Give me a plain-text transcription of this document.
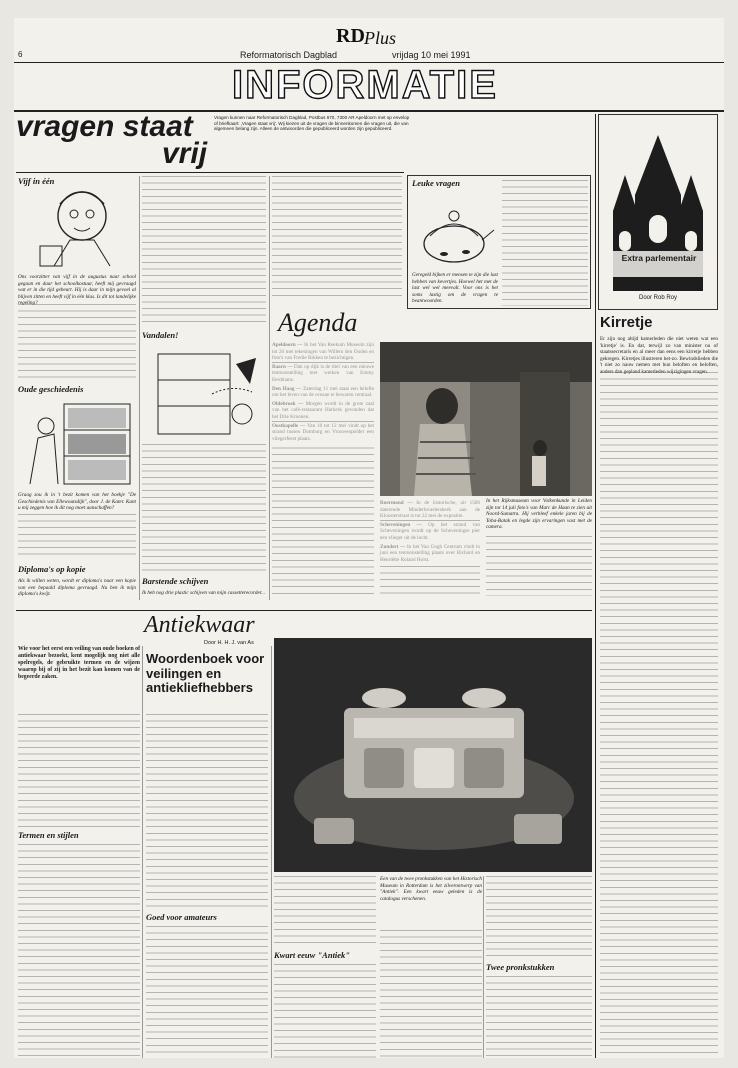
6
RD Plus
Reformatorisch Dagblad	vrijdag 10 mei 1991
INFORMATIE
vragen staat
vrij
Vragen kunnen naar Reformatorisch Dagblad, Postbus 670, 7300 AR Apeldoorn met op envelop of briefkaart: ‚Vragen staat vrij'. Wij kiezen uit de vragen de binnenkomen die vragen uit, die van algemeen belang zijn. Alleen de antwoorden die gepubliceerd worden zijn gepubliceerd.
Vijf in één
Ons voorzitter van vijf in de augustus naar school gegaan en daar het schoolkostuur, heeft mij gevraagd wat er in die tijd gebeurt. Hij is daar in mijn gevoel al blijven zitten en heeft vijf in één klas. Is dit tot landelijke regeling?
Oude geschiedenis
Graag zou ik in 't bezit komen van het boekje "De Geschiedenis van Ellewoutsdijk", door J. de Kater. Kunt u mij zeggen hoe ik dit nog moet aanschaffen?
Diploma's op kopie
Als ik willen weten, wordt er diploma's naar een kopie van een bepaald diploma gevraagd. Nu ben ik mijn diploma's kwijt.
Vandalen!
Barstende schijven
Ik heb nog drie plastic schijven van mijn cassetterecorder...
Leuke vragen
Geregeld bijken er mensen te zijn die last hebben van kevertjes. Hoewel het met de last wel wel meevalt. Voor ons is het soms lastig om de vragen te beantwoorden.
Agenda

Apeldoorn — In het Van Reekum Museum zijn tot 26 mei tekeningen van Willem den Ouden en foto's van Fredie Rikken te bezichtigen.

Baarn — Dak op dijk is de titel van een nieuwe tentoonstelling met werken van Emmy Eerdmans.

Den Haag — Zaterdag 11 mei staat een belofte om het leven van de oceaan te bewaren centraal.

Oldebroek — Morgen wordt in de grote zaal van het café-restaurant Harkerk gevonden dat het Drie Kroonen.

Oostkapelle — Van 10 tot 12 mei vindt op het strand tussen Domburg en Vrouwenpolder een vliegerfeest plaats.

In het Rijksmuseum voor Volkenkunde in Leiden zijn tot 14 juli foto's van Marc de Haan te zien uit Noord-Sumatra. Hij verbleef enkele jaren bij de Toba-Batak en legde zijn ervaringen vast met de camera.

Roermond — In de historische, uit 1500 daterende Minderbroederskerk aan de Kloosterstraat is tot 22 mei de expositie.

Scheveningen — Op het strand van Scheveningen wordt op de Scheveningse pier een vlieger uit de lucht.

Zundert — In het Van Gogh Centrum vindt in juni een tentoonstelling plaats over Richard en Henriëtte Roland Holst.

Extra parlementair
Door Rob Roy
Kirretje
Er zijn nog altijd kamerleden die niet weten wat een 'kirretje' is. En dat, terwijl zo van minister nu of staatssecretaris en al meer dan eens een kirretje hebben gekregen. Kirretjes illustreren het-zo. Bewindslieden die 't niet zo nauw nemen met hun beloften en beloften, anders dan gepland kamerleden wijzigingen vragen.
Antiekwaar
Door H. H. J. van As
Wie voor het eerst een veiling van oude boeken of antiekwaar bezoekt, kent mogelijk nog niet alle spelregels, de gebruikte termen en de wijzen waarop bij of zij in het bezit kan komen van de begeerde zaken.
Termen en stijlen
Woordenboek voor veilingen en antiekliefhebbers
Goed voor amateurs
Kwart eeuw "Antiek"
Een van de twee pronkstukken van het Historisch Museum in Rotterdam is het zilverontwerp van "Antiek". Een kwart eeuw geleden is de catalogus verschenen.
Twee pronkstukken
